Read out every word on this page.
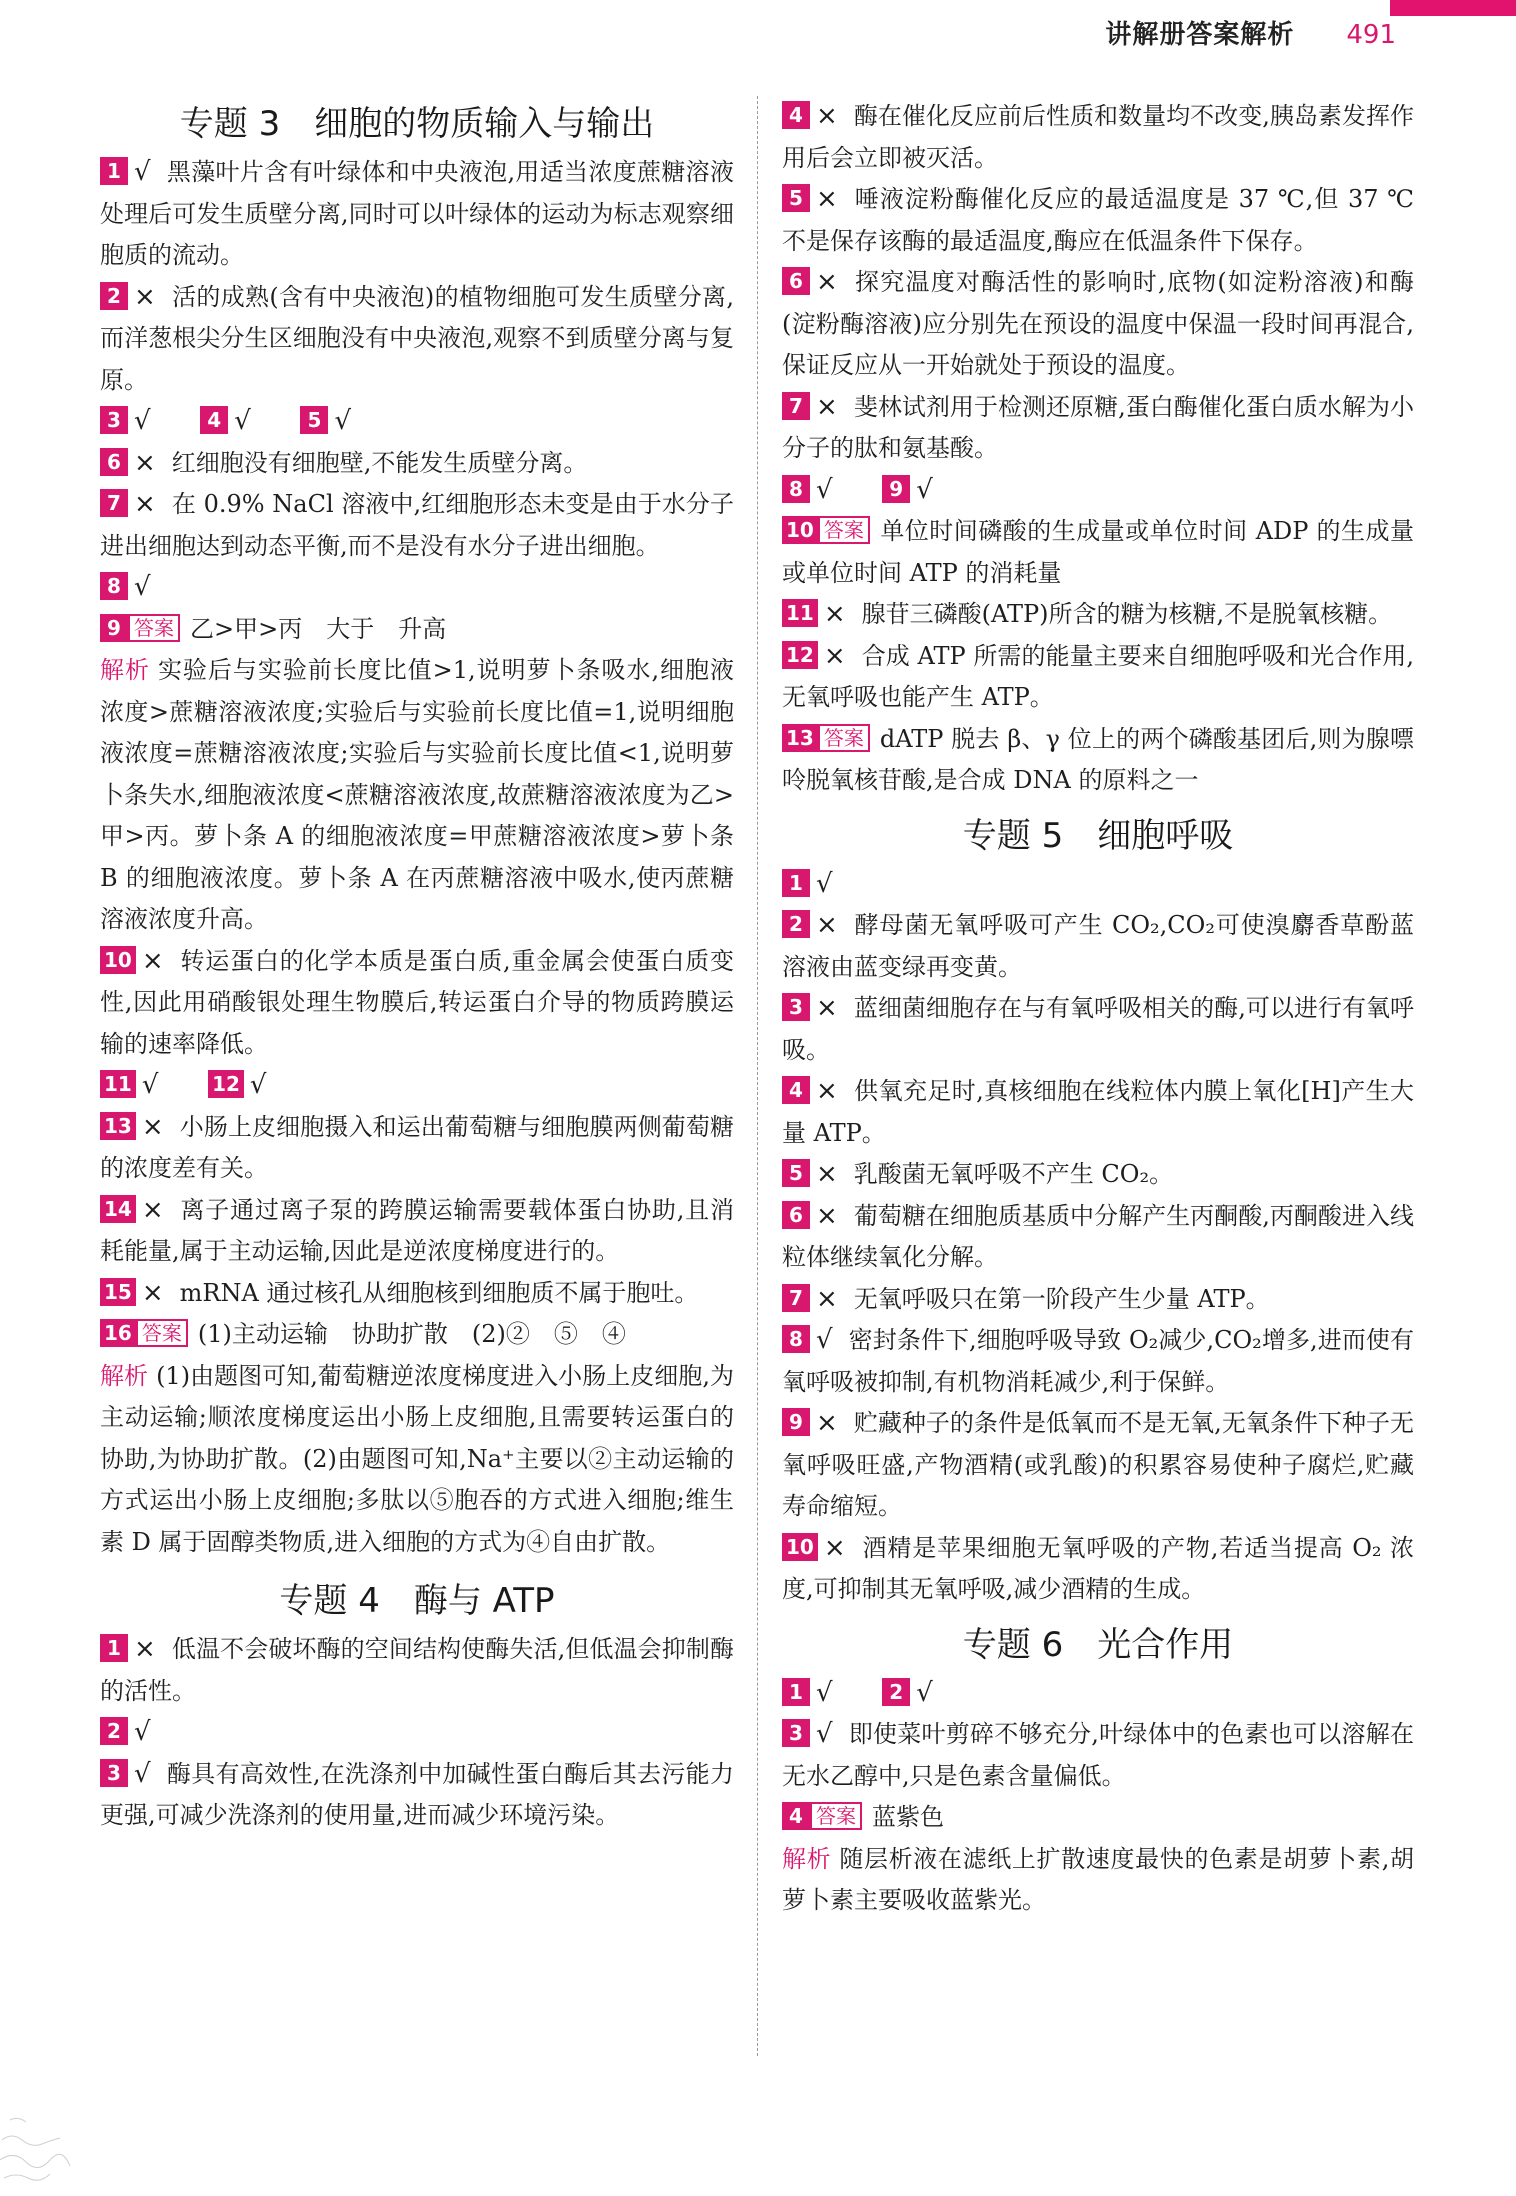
讲解册答案解析 491
专题 3　细胞的物质输入与输出

1 √ 黑藻叶片含有叶绿体和中央液泡,用适当浓度蔗糖溶液处理后可发生质壁分离,同时可以叶绿体的运动为标志观察细胞质的流动。

2 × 活的成熟(含有中央液泡)的植物细胞可发生质壁分离,而洋葱根尖分生区细胞没有中央液泡,观察不到质壁分离与复原。

3 √	4 √	5 √

6 × 红细胞没有细胞壁,不能发生质壁分离。

7 × 在 0.9% NaCl 溶液中,红细胞形态未变是由于水分子进出细胞达到动态平衡,而不是没有水分子进出细胞。

8 √

9 答案 乙>甲>丙　大于　升高

解析 实验后与实验前长度比值>1,说明萝卜条吸水,细胞液浓度>蔗糖溶液浓度;实验后与实验前长度比值=1,说明细胞液浓度=蔗糖溶液浓度;实验后与实验前长度比值<1,说明萝卜条失水,细胞液浓度<蔗糖溶液浓度,故蔗糖溶液浓度为乙>甲>丙。萝卜条 A 的细胞液浓度=甲蔗糖溶液浓度>萝卜条 B 的细胞液浓度。萝卜条 A 在丙蔗糖溶液中吸水,使丙蔗糖溶液浓度升高。

10 × 转运蛋白的化学本质是蛋白质,重金属会使蛋白质变性,因此用硝酸银处理生物膜后,转运蛋白介导的物质跨膜运输的速率降低。

11 √	12 √

13 × 小肠上皮细胞摄入和运出葡萄糖与细胞膜两侧葡萄糖的浓度差有关。

14 × 离子通过离子泵的跨膜运输需要载体蛋白协助,且消耗能量,属于主动运输,因此是逆浓度梯度进行的。

15 × mRNA 通过核孔从细胞核到细胞质不属于胞吐。

16 答案 (1)主动运输　协助扩散　(2)②　⑤　④

解析 (1)由题图可知,葡萄糖逆浓度梯度进入小肠上皮细胞,为主动运输;顺浓度梯度运出小肠上皮细胞,且需要转运蛋白的协助,为协助扩散。(2)由题图可知,Na⁺主要以②主动运输的方式运出小肠上皮细胞;多肽以⑤胞吞的方式进入细胞;维生素 D 属于固醇类物质,进入细胞的方式为④自由扩散。

专题 4　酶与 ATP

1 × 低温不会破坏酶的空间结构使酶失活,但低温会抑制酶的活性。

2 √

3 √ 酶具有高效性,在洗涤剂中加碱性蛋白酶后其去污能力更强,可减少洗涤剂的使用量,进而减少环境污染。

4 × 酶在催化反应前后性质和数量均不改变,胰岛素发挥作用后会立即被灭活。

5 × 唾液淀粉酶催化反应的最适温度是 37 ℃,但 37 ℃不是保存该酶的最适温度,酶应在低温条件下保存。

6 × 探究温度对酶活性的影响时,底物(如淀粉溶液)和酶(淀粉酶溶液)应分别先在预设的温度中保温一段时间再混合,保证反应从一开始就处于预设的温度。

7 × 斐林试剂用于检测还原糖,蛋白酶催化蛋白质水解为小分子的肽和氨基酸。

8 √	9 √

10 答案 单位时间磷酸的生成量或单位时间 ADP 的生成量或单位时间 ATP 的消耗量

11 × 腺苷三磷酸(ATP)所含的糖为核糖,不是脱氧核糖。

12 × 合成 ATP 所需的能量主要来自细胞呼吸和光合作用,无氧呼吸也能产生 ATP。

13 答案 dATP 脱去 β、γ 位上的两个磷酸基团后,则为腺嘌呤脱氧核苷酸,是合成 DNA 的原料之一

专题 5　细胞呼吸

1 √

2 × 酵母菌无氧呼吸可产生 CO₂,CO₂可使溴麝香草酚蓝溶液由蓝变绿再变黄。

3 × 蓝细菌细胞存在与有氧呼吸相关的酶,可以进行有氧呼吸。

4 × 供氧充足时,真核细胞在线粒体内膜上氧化[H]产生大量 ATP。

5 × 乳酸菌无氧呼吸不产生 CO₂。

6 × 葡萄糖在细胞质基质中分解产生丙酮酸,丙酮酸进入线粒体继续氧化分解。

7 × 无氧呼吸只在第一阶段产生少量 ATP。

8 √ 密封条件下,细胞呼吸导致 O₂减少,CO₂增多,进而使有氧呼吸被抑制,有机物消耗减少,利于保鲜。

9 × 贮藏种子的条件是低氧而不是无氧,无氧条件下种子无氧呼吸旺盛,产物酒精(或乳酸)的积累容易使种子腐烂,贮藏寿命缩短。

10 × 酒精是苹果细胞无氧呼吸的产物,若适当提高 O₂ 浓度,可抑制其无氧呼吸,减少酒精的生成。

专题 6　光合作用

1 √	2 √

3 √ 即使菜叶剪碎不够充分,叶绿体中的色素也可以溶解在无水乙醇中,只是色素含量偏低。

4 答案 蓝紫色

解析 随层析液在滤纸上扩散速度最快的色素是胡萝卜素,胡萝卜素主要吸收蓝紫光。
